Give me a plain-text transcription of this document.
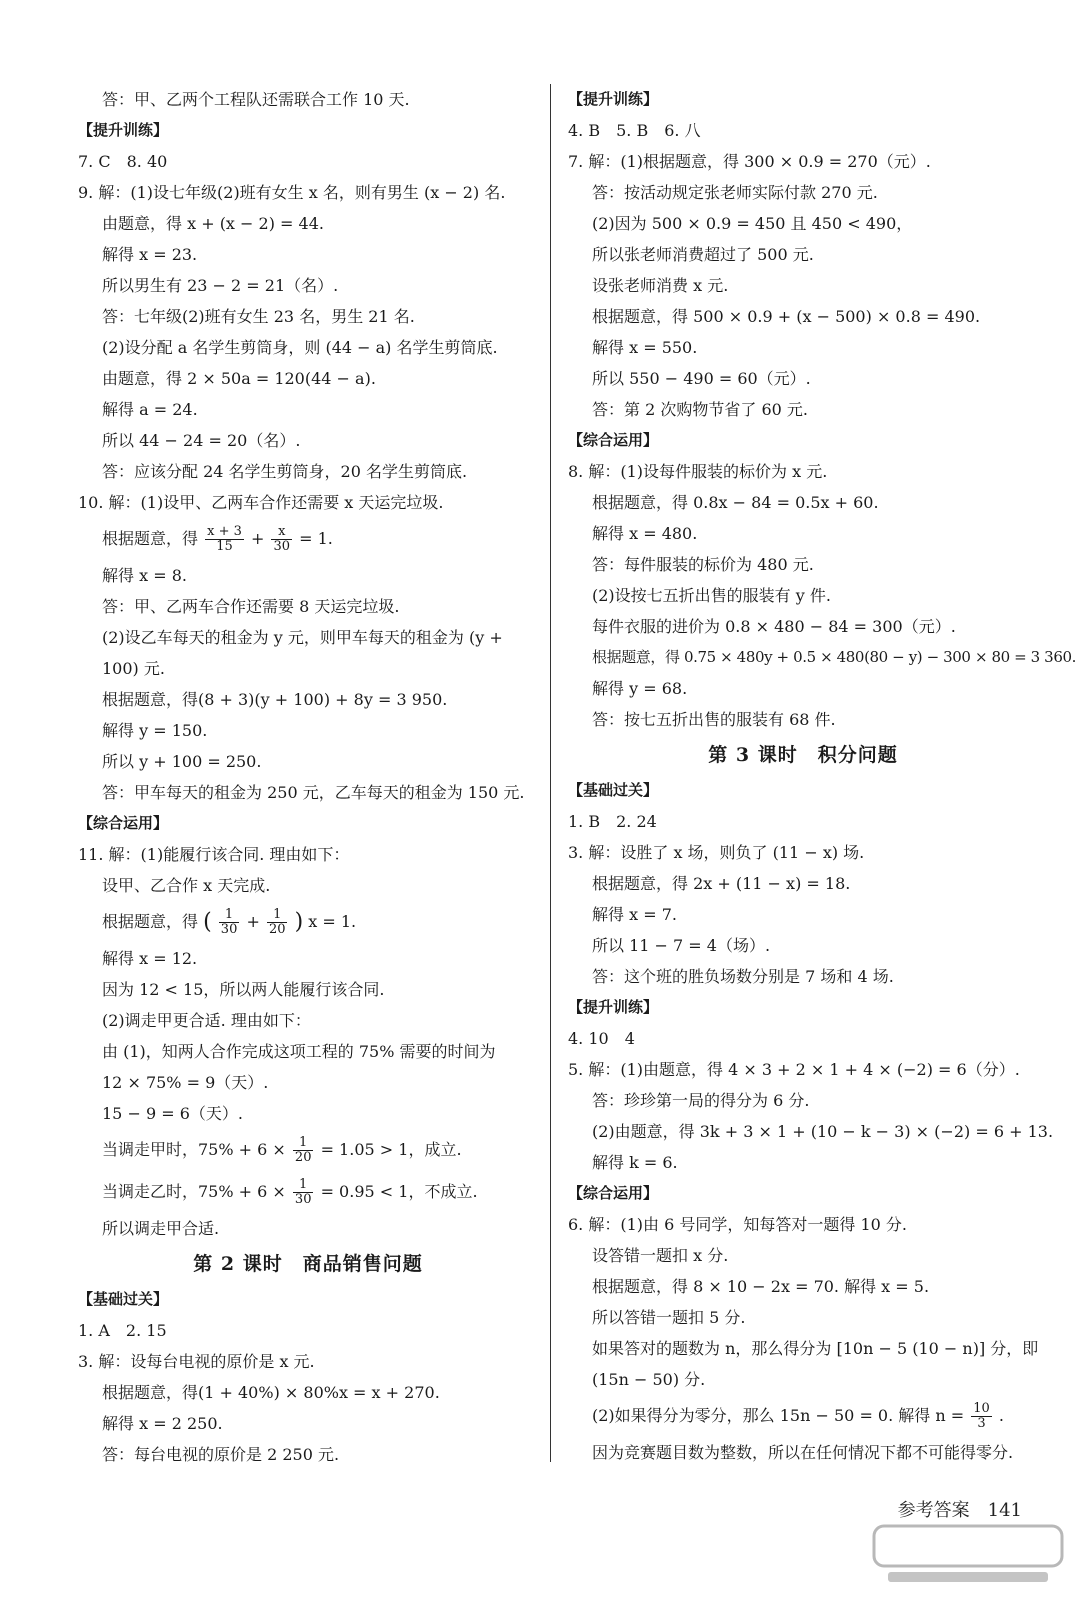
答：甲、乙两个工程队还需联合工作 10 天.
【提升训练】
7. C　8. 40
9. 解：(1)设七年级(2)班有女生 x 名，则有男生 (x − 2) 名.
由题意，得 x + (x − 2) = 44.
解得 x = 23.
所以男生有 23 − 2 = 21（名）.
答：七年级(2)班有女生 23 名，男生 21 名.
(2)设分配 a 名学生剪筒身，则 (44 − a) 名学生剪筒底.
由题意，得 2 × 50a = 120(44 − a).
解得 a = 24.
所以 44 − 24 = 20（名）.
答：应该分配 24 名学生剪筒身，20 名学生剪筒底.
10. 解：(1)设甲、乙两车合作还需要 x 天运完垃圾.
根据题意，得 $\frac{x + 3}{15} + \frac{x}{30} = 1$.
解得 x = 8.
答：甲、乙两车合作还需要 8 天运完垃圾.
(2)设乙车每天的租金为 y 元，则甲车每天的租金为 (y +
100) 元.
根据题意，得(8 + 3)(y + 100) + 8y = 3 950.
解得 y = 150.
所以 y + 100 = 250.
答：甲车每天的租金为 250 元，乙车每天的租金为 150 元.
【综合运用】
11. 解：(1)能履行该合同. 理由如下：
设甲、乙合作 x 天完成.
根据题意，得 ( $\frac{1}{30} + \frac{1}{20}$ ) x = 1.
解得 x = 12.
因为 12 < 15，所以两人能履行该合同.
(2)调走甲更合适. 理由如下：
由 (1)，知两人合作完成这项工程的 75% 需要的时间为
12 × 75% = 9（天）.
15 − 9 = 6（天）.
当调走甲时，$75\% + 6 \times \frac{1}{20} = 1.05 > 1$，成立.
当调走乙时，$75\% + 6 \times \frac{1}{30} = 0.95 < 1$，不成立.
所以调走甲合适.
第 2 课时　商品销售问题
【基础过关】
1. A　2. 15
3. 解：设每台电视的原价是 x 元.
根据题意，得(1 + 40%) × 80%x = x + 270.
解得 x = 2 250.
答：每台电视的原价是 2 250 元.
【提升训练】
4. B　5. B　6. 八
7. 解：(1)根据题意，得 300 × 0.9 = 270（元）.
答：按活动规定张老师实际付款 270 元.
(2)因为 500 × 0.9 = 450 且 450 < 490，
所以张老师消费超过了 500 元.
设张老师消费 x 元.
根据题意，得 500 × 0.9 + (x − 500) × 0.8 = 490.
解得 x = 550.
所以 550 − 490 = 60（元）.
答：第 2 次购物节省了 60 元.
【综合运用】
8. 解：(1)设每件服装的标价为 x 元.
根据题意，得 0.8x − 84 = 0.5x + 60.
解得 x = 480.
答：每件服装的标价为 480 元.
(2)设按七五折出售的服装有 y 件.
每件衣服的进价为 0.8 × 480 − 84 = 300（元）.
根据题意，得 0.75 × 480y + 0.5 × 480(80 − y) − 300 × 80 = 3 360.
解得 y = 68.
答：按七五折出售的服装有 68 件.
第 3 课时　积分问题
【基础过关】
1. B　2. 24
3. 解：设胜了 x 场，则负了 (11 − x) 场.
根据题意，得 2x + (11 − x) = 18.
解得 x = 7.
所以 11 − 7 = 4（场）.
答：这个班的胜负场数分别是 7 场和 4 场.
【提升训练】
4. 10　4
5. 解：(1)由题意，得 4 × 3 + 2 × 1 + 4 × (−2) = 6（分）.
答：珍珍第一局的得分为 6 分.
(2)由题意，得 3k + 3 × 1 + (10 − k − 3) × (−2) = 6 + 13.
解得 k = 6.
【综合运用】
6. 解：(1)由 6 号同学，知每答对一题得 10 分.
设答错一题扣 x 分.
根据题意，得 8 × 10 − 2x = 70. 解得 x = 5.
所以答错一题扣 5 分.
如果答对的题数为 n，那么得分为 [10n − 5 (10 − n)] 分，即
(15n − 50) 分.
(2)如果得分为零分，那么 15n − 50 = 0. 解得 $n = \frac{10}{3}$ .
因为竞赛题目数为整数，所以在任何情况下都不可能得零分.
参考答案　141
